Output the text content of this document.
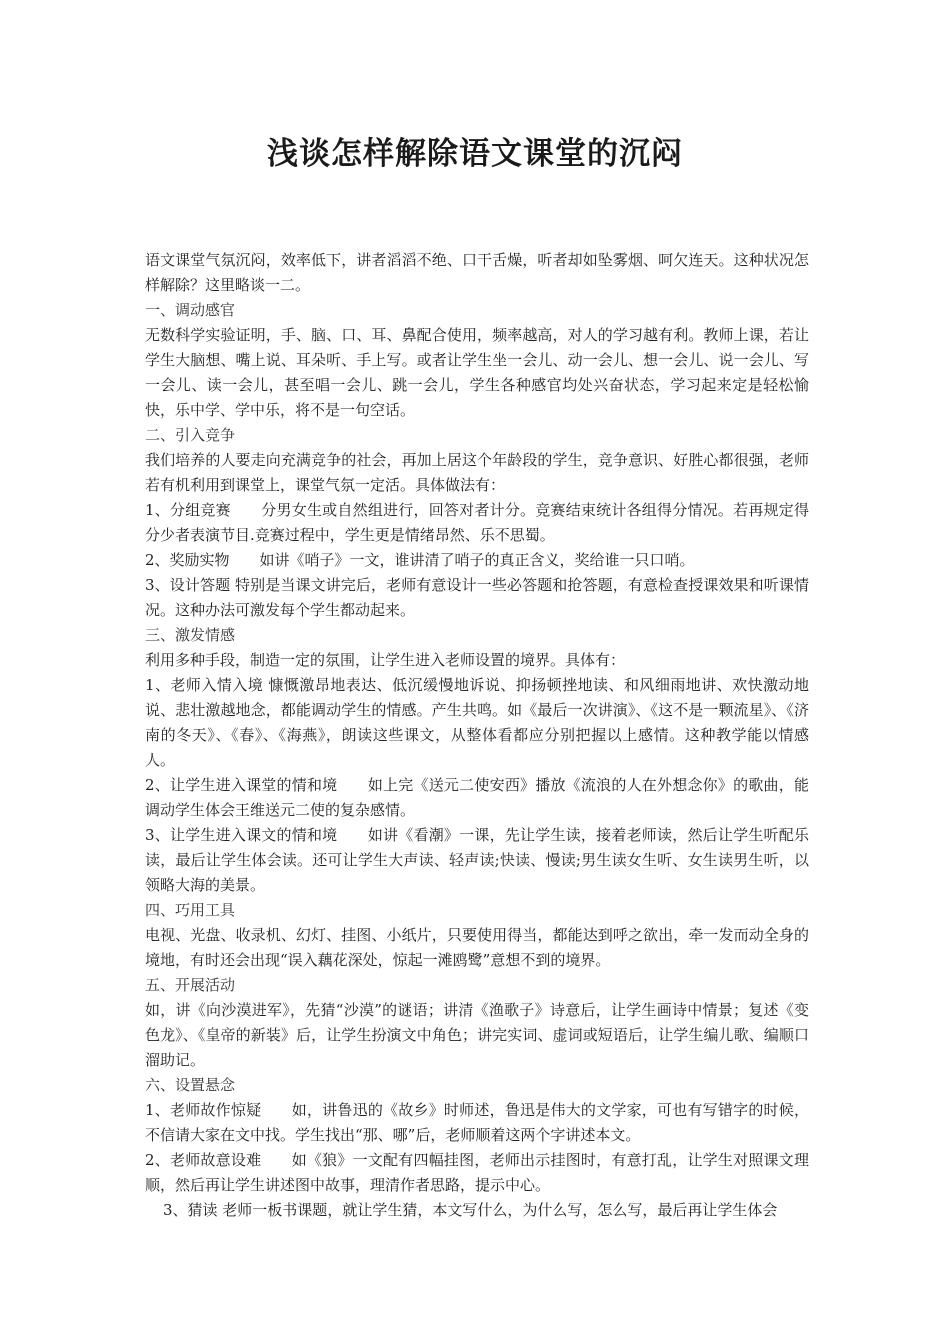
浅谈怎样解除语文课堂的沉闷

语文课堂气氛沉闷，效率低下，讲者滔滔不绝、口干舌燥，听者却如坠雾烟、呵欠连天。这种状况怎样解除？这里略谈一二。

一、调动感官

无数科学实验证明，手、脑、口、耳、鼻配合使用，频率越高，对人的学习越有利。教师上课，若让学生大脑想、嘴上说、耳朵听、手上写。或者让学生坐一会儿、动一会儿、想一会儿、说一会儿、写一会儿、读一会儿，甚至唱一会儿、跳一会儿，学生各种感官均处兴奋状态，学习起来定是轻松愉快，乐中学、学中乐，将不是一句空话。

二、引入竞争

我们培养的人要走向充满竞争的社会，再加上居这个年龄段的学生，竞争意识、好胜心都很强，老师若有机利用到课堂上，课堂气氛一定活。具体做法有：

1、分组竞赛　　分男女生或自然组进行，回答对者计分。竞赛结束统计各组得分情况。若再规定得分少者表演节目.竞赛过程中，学生更是情绪昂然、乐不思蜀。

2、奖励实物　　如讲《哨子》一文，谁讲清了哨子的真正含义，奖给谁一只口哨。

3、设计答题 特别是当课文讲完后，老师有意设计一些必答题和抢答题，有意检查授课效果和听课情况。这种办法可激发每个学生都动起来。

三、激发情感

利用多种手段，制造一定的氛围，让学生进入老师设置的境界。具体有：

1、老师入情入境 慷慨激昂地表达、低沉缓慢地诉说、抑扬顿挫地读、和风细雨地讲、欢快激动地说、悲壮激越地念，都能调动学生的情感。产生共鸣。如《最后一次讲演》、《这不是一颗流星》、《济南的冬天》、《春》、《海燕》，朗读这些课文，从整体看都应分别把握以上感情。这种教学能以情感人。

2、让学生进入课堂的情和境　　如上完《送元二使安西》播放《流浪的人在外想念你》的歌曲，能调动学生体会王维送元二使的复杂感情。

3、让学生进入课文的情和境　　如讲《看潮》一课，先让学生读，接着老师读，然后让学生听配乐读，最后让学生体会读。还可让学生大声读、轻声读;快读、慢读;男生读女生听、女生读男生听，以领略大海的美景。

四、巧用工具

电视、光盘、收录机、幻灯、挂图、小纸片，只要使用得当，都能达到呼之欲出，牵一发而动全身的境地，有时还会出现“误入藕花深处，惊起一滩鸥鹭”意想不到的境界。

五、开展活动

如，讲《向沙漠进军》，先猜“沙漠”的谜语；讲清《渔歌子》诗意后，让学生画诗中情景；复述《变色龙》、《皇帝的新装》后，让学生扮演文中角色；讲完实词、虚词或短语后，让学生编儿歌、编顺口溜助记。

六、设置悬念

1、老师故作惊疑　　如，讲鲁迅的《故乡》时师述，鲁迅是伟大的文学家，可也有写错字的时候，不信请大家在文中找。学生找出“那、哪”后，老师顺着这两个字讲述本文。

2、老师故意设难　　如《狼》一文配有四幅挂图，老师出示挂图时，有意打乱，让学生对照课文理顺，然后再让学生讲述图中故事，理清作者思路，提示中心。

3、猜读 老师一板书课题，就让学生猜，本文写什么，为什么写，怎么写，最后再让学生体会
